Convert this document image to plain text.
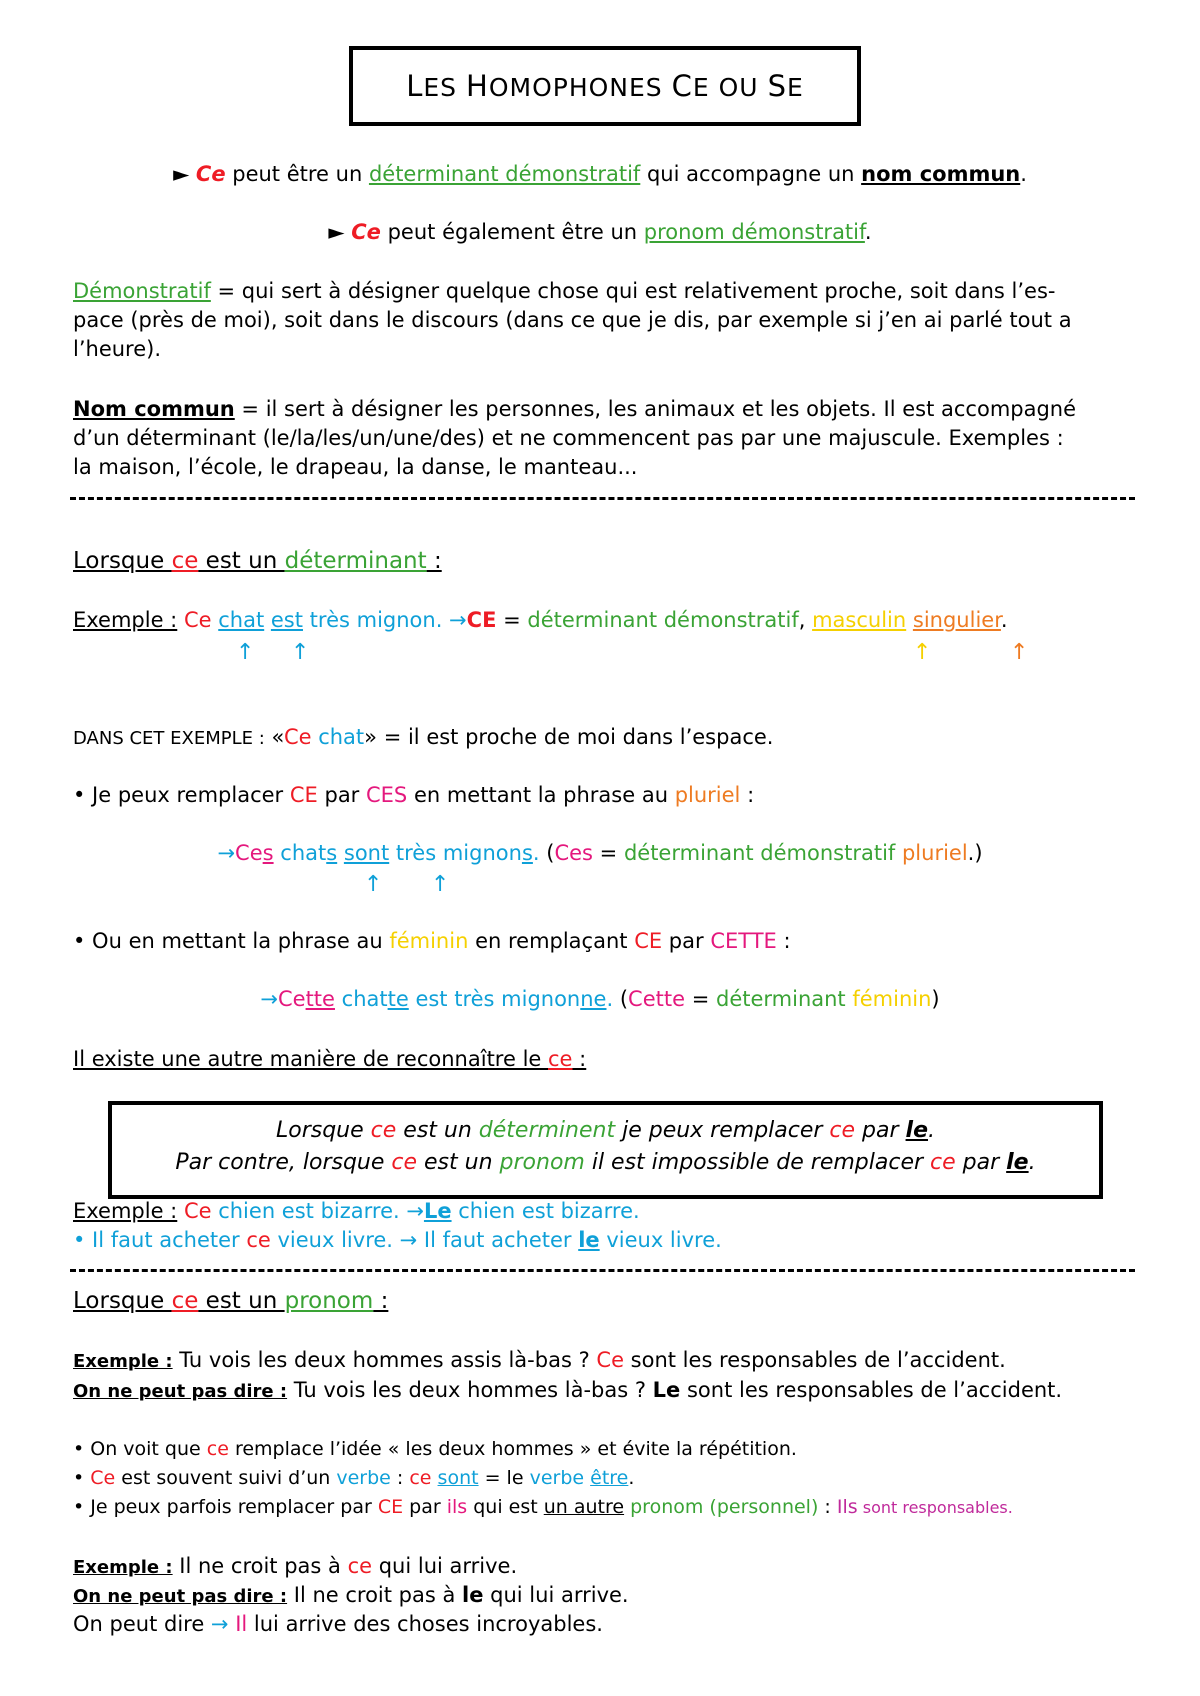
LES HOMOPHONES CE OU SE
► Ce peut être un déterminant démonstratif qui accompagne un nom commun.
► Ce peut également être un pronom démonstratif.
Démonstratif = qui sert à désigner quelque chose qui est relativement proche, soit dans l’es-
pace (près de moi), soit dans le discours (dans ce que je dis, par exemple si j’en ai parlé tout a
l’heure).
Nom commun = il sert à désigner les personnes, les animaux et les objets. Il est accompagné
d’un déterminant (le/la/les/un/une/des) et ne commencent pas par une majuscule. Exemples :
la maison, l’école, le drapeau, la danse, le manteau...
Lorsque ce est un déterminant :
Exemple : Ce chat est très mignon. →CE = déterminant démonstratif, masculin singulier.
↑ ↑	↑	↑
DANS CET EXEMPLE : «Ce chat» = il est proche de moi dans l’espace.
• Je peux remplacer CE par CES en mettant la phrase au pluriel :
→Ces chats sont très mignons. (Ces = déterminant démonstratif pluriel.)
↑ ↑
• Ou en mettant la phrase au féminin en remplaçant CE par CETTE :
→Cette chatte est très mignonne. (Cette = déterminant féminin)
Il existe une autre manière de reconnaître le ce :
Lorsque ce est un déterminent je peux remplacer ce par le.
Par contre, lorsque ce est un pronom il est impossible de remplacer ce par le.
Exemple : Ce chien est bizarre. →Le chien est bizarre.
• Il faut acheter ce vieux livre. → Il faut acheter le vieux livre.
Lorsque ce est un pronom :
Exemple : Tu vois les deux hommes assis là-bas ? Ce sont les responsables de l’accident.
On ne peut pas dire : Tu vois les deux hommes là-bas ? Le sont les responsables de l’accident.
• On voit que ce remplace l’idée « les deux hommes » et évite la répétition.
• Ce est souvent suivi d’un verbe : ce sont = le verbe être.
• Je peux parfois remplacer par CE par ils qui est un autre pronom (personnel) : Ils sont responsables.
Exemple : Il ne croit pas à ce qui lui arrive.
On ne peut pas dire : Il ne croit pas à le qui lui arrive.
On peut dire → Il lui arrive des choses incroyables.
